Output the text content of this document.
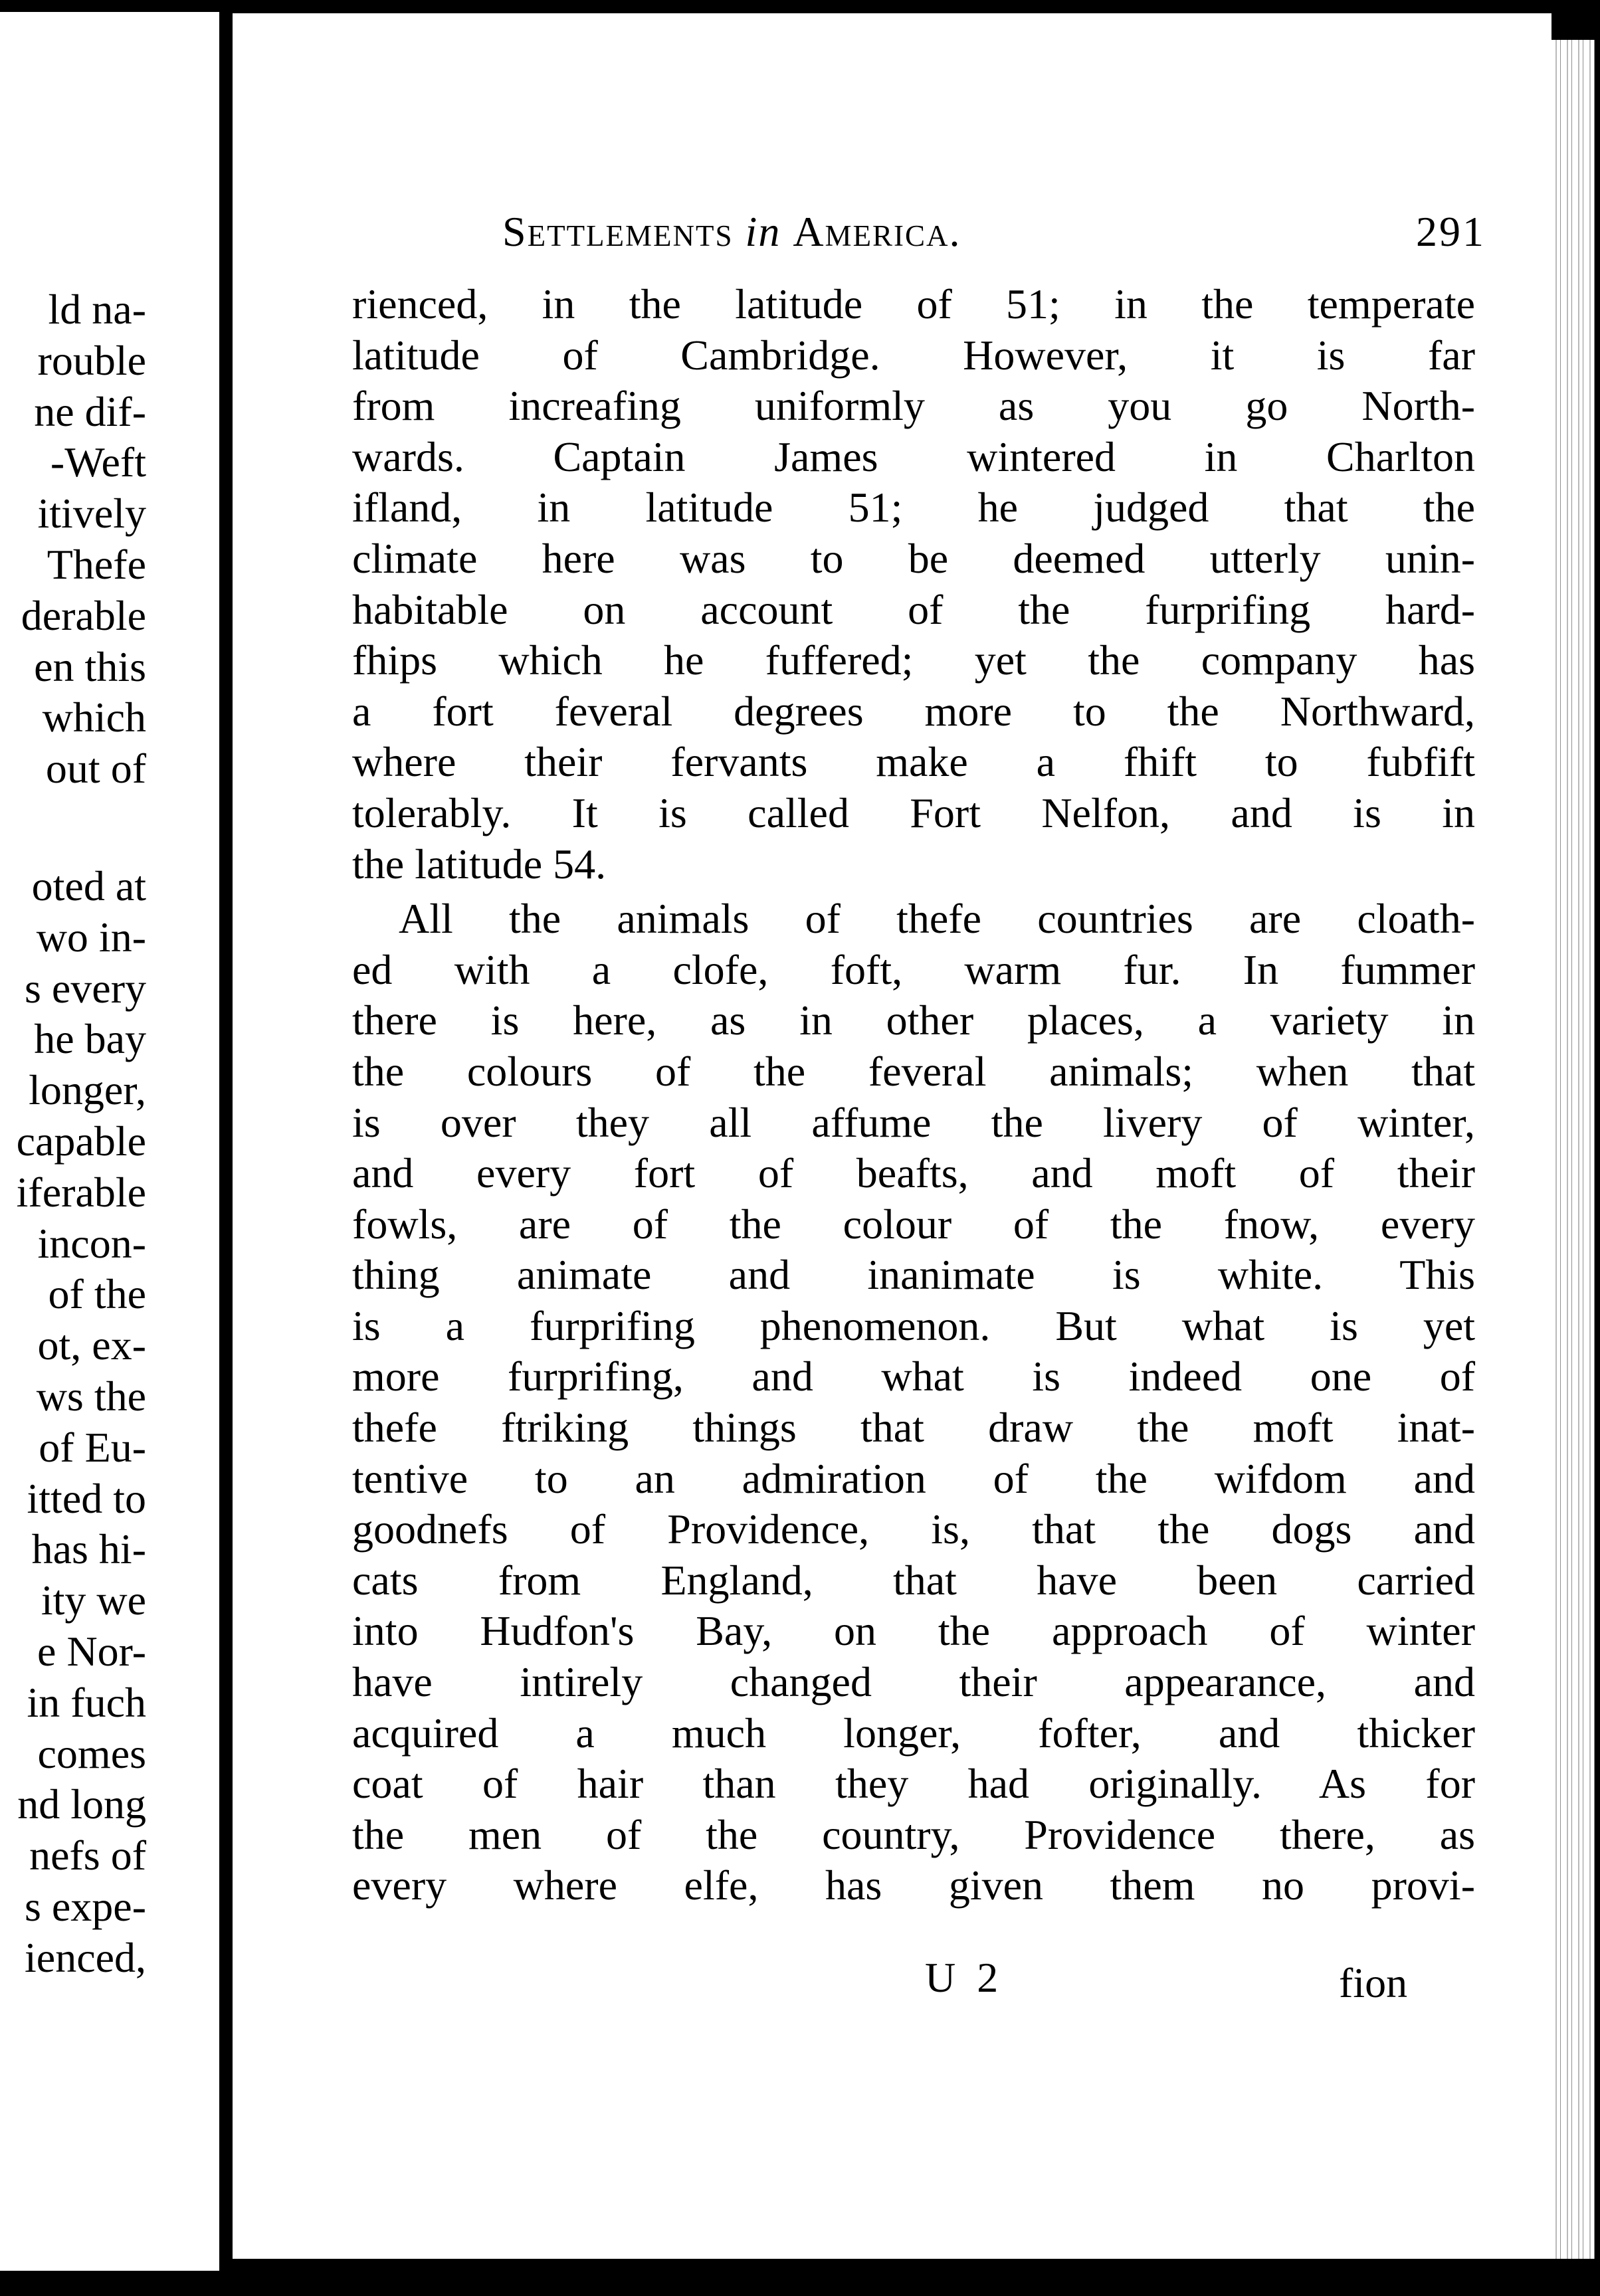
ld na-
rouble
ne dif-
-Weft
itively
Thefe
derable
en this
which
out of
oted at
wo in-
s every
he bay
longer,
capable
iferable
incon-
of the
ot, ex-
ws the
of Eu-
itted to
has hi-
ity we
e Nor-
in fuch
comes
nd long
nefs of
s expe-
ienced,
Settlements in America.	291
rienced, in the latitude of 51; in the temperate
latitude of Cambridge. However, it is far
from increafing uniformly as you go North-
wards. Captain James wintered in Charlton
ifland, in latitude 51; he judged that the
climate here was to be deemed utterly unin-
habitable on account of the furprifing hard-
fhips which he fuffered; yet the company has
a fort feveral degrees more to the Northward,
where their fervants make a fhift to fubfift
tolerably. It is called Fort Nelfon, and is in
the latitude 54.
All the animals of thefe countries are cloath-
ed with a clofe, foft, warm fur. In fummer
there is here, as in other places, a variety in
the colours of the feveral animals; when that
is over they all affume the livery of winter,
and every fort of beafts, and moft of their
fowls, are of the colour of the fnow, every
thing animate and inanimate is white. This
is a furprifing phenomenon. But what is yet
more furprifing, and what is indeed one of
thefe ftriking things that draw the moft inat-
tentive to an admiration of the wifdom and
goodnefs of Providence, is, that the dogs and
cats from England, that have been carried
into Hudfon's Bay, on the approach of winter
have intirely changed their appearance, and
acquired a much longer, fofter, and thicker
coat of hair than they had originally. As for
the men of the country, Providence there, as
every where elfe, has given them no provi-
U 2	fion
